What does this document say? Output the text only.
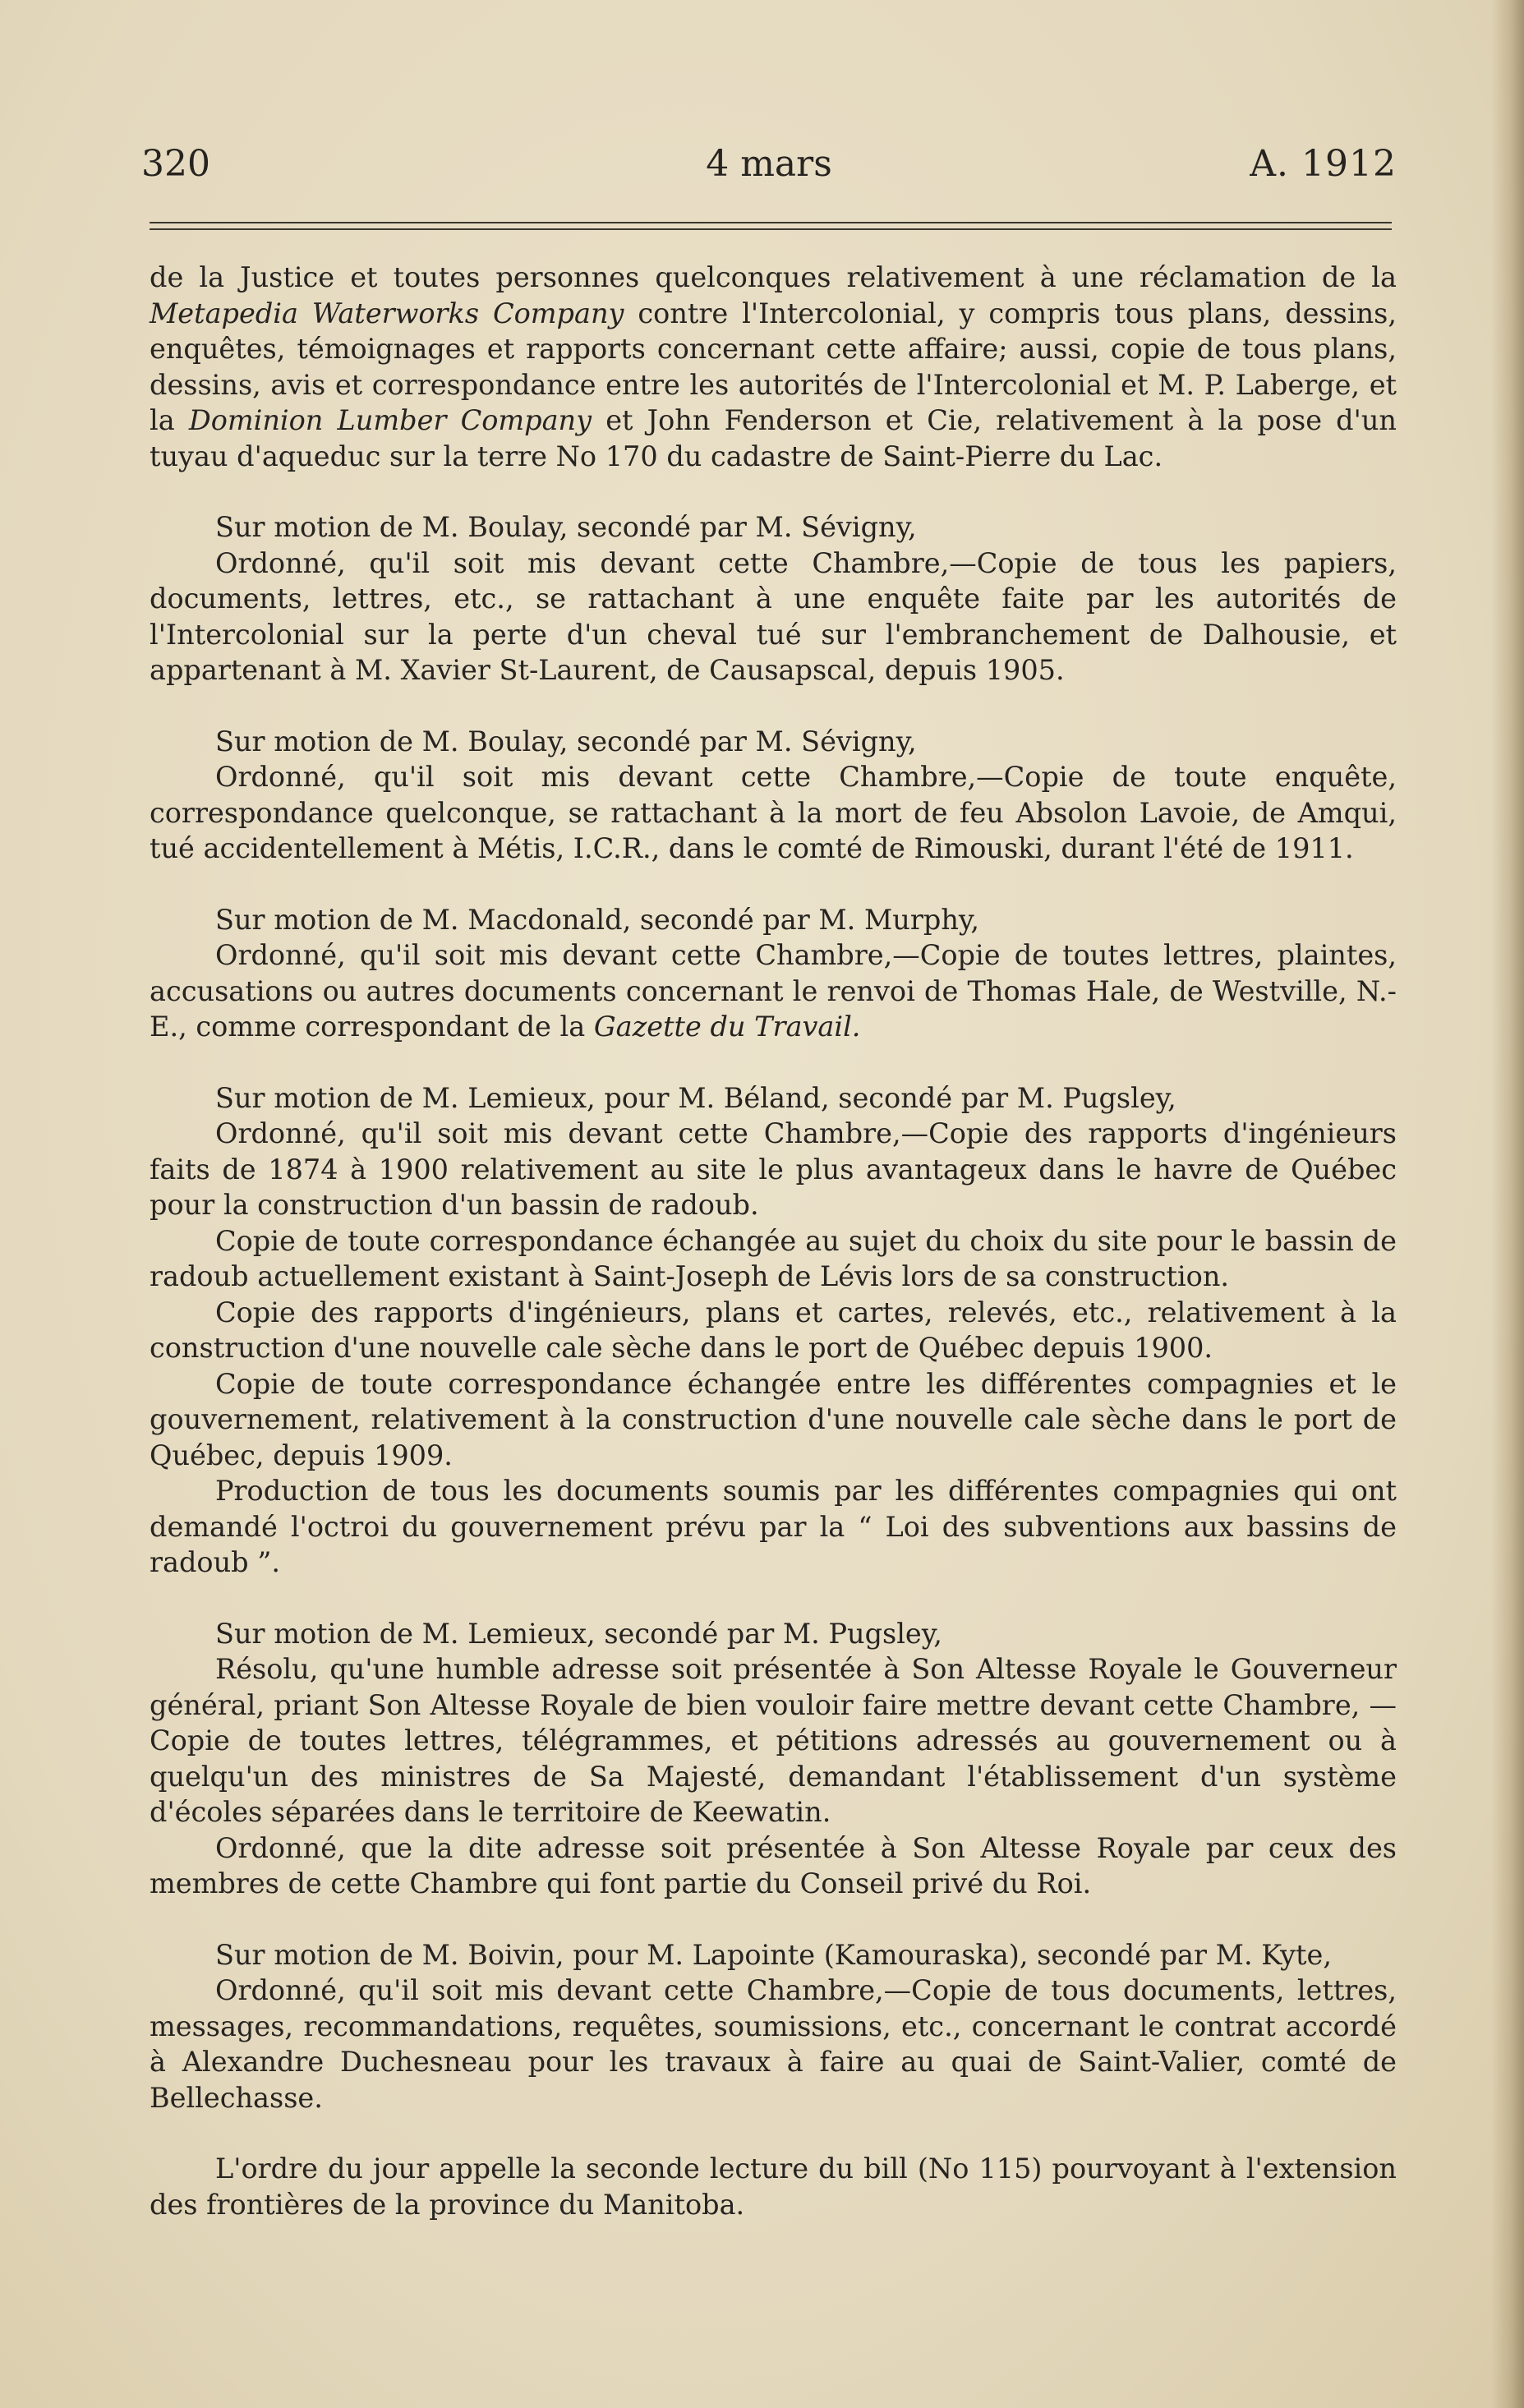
4 mars
320	A. 1912

de la Justice et toutes personnes quelconques relativement à une réclamation de la Metapedia Waterworks Company contre l'Intercolonial, y compris tous plans, dessins, enquêtes, témoignages et rapports concernant cette affaire; aussi, copie de tous plans, dessins, avis et correspondance entre les autorités de l'Intercolonial et M. P. Laberge, et la Dominion Lumber Company et John Fenderson et Cie, relativement à la pose d'un tuyau d'aqueduc sur la terre No 170 du cadastre de Saint-Pierre du Lac.

Sur motion de M. Boulay, secondé par M. Sévigny,

Ordonné, qu'il soit mis devant cette Chambre,—Copie de tous les papiers, documents, lettres, etc., se rattachant à une enquête faite par les autorités de l'Intercolonial sur la perte d'un cheval tué sur l'embranchement de Dalhousie, et appartenant à M. Xavier St-Laurent, de Causapscal, depuis 1905.

Sur motion de M. Boulay, secondé par M. Sévigny,

Ordonné, qu'il soit mis devant cette Chambre,—Copie de toute enquête, correspondance quelconque, se rattachant à la mort de feu Absolon Lavoie, de Amqui, tué accidentellement à Métis, I.C.R., dans le comté de Rimouski, durant l'été de 1911.

Sur motion de M. Macdonald, secondé par M. Murphy,

Ordonné, qu'il soit mis devant cette Chambre,—Copie de toutes lettres, plaintes, accusations ou autres documents concernant le renvoi de Thomas Hale, de Westville, N.-E., comme correspondant de la Gazette du Travail.

Sur motion de M. Lemieux, pour M. Béland, secondé par M. Pugsley,

Ordonné, qu'il soit mis devant cette Chambre,—Copie des rapports d'ingénieurs faits de 1874 à 1900 relativement au site le plus avantageux dans le havre de Québec pour la construction d'un bassin de radoub.

Copie de toute correspondance échangée au sujet du choix du site pour le bassin de radoub actuellement existant à Saint-Joseph de Lévis lors de sa construction.

Copie des rapports d'ingénieurs, plans et cartes, relevés, etc., relativement à la construction d'une nouvelle cale sèche dans le port de Québec depuis 1900.

Copie de toute correspondance échangée entre les différentes compagnies et le gouvernement, relativement à la construction d'une nouvelle cale sèche dans le port de Québec, depuis 1909.

Production de tous les documents soumis par les différentes compagnies qui ont demandé l'octroi du gouvernement prévu par la “ Loi des subventions aux bassins de radoub ”.

Sur motion de M. Lemieux, secondé par M. Pugsley,

Résolu, qu'une humble adresse soit présentée à Son Altesse Royale le Gouverneur général, priant Son Altesse Royale de bien vouloir faire mettre devant cette Chambre, —Copie de toutes lettres, télégrammes, et pétitions adressés au gouvernement ou à quelqu'un des ministres de Sa Majesté, demandant l'établissement d'un système d'écoles séparées dans le territoire de Keewatin.

Ordonné, que la dite adresse soit présentée à Son Altesse Royale par ceux des membres de cette Chambre qui font partie du Conseil privé du Roi.

Sur motion de M. Boivin, pour M. Lapointe (Kamouraska), secondé par M. Kyte,

Ordonné, qu'il soit mis devant cette Chambre,—Copie de tous documents, lettres, messages, recommandations, requêtes, soumissions, etc., concernant le contrat accordé à Alexandre Duchesneau pour les travaux à faire au quai de Saint-Valier, comté de Bellechasse.

L'ordre du jour appelle la seconde lecture du bill (No 115) pourvoyant à l'extension des frontières de la province du Manitoba.
